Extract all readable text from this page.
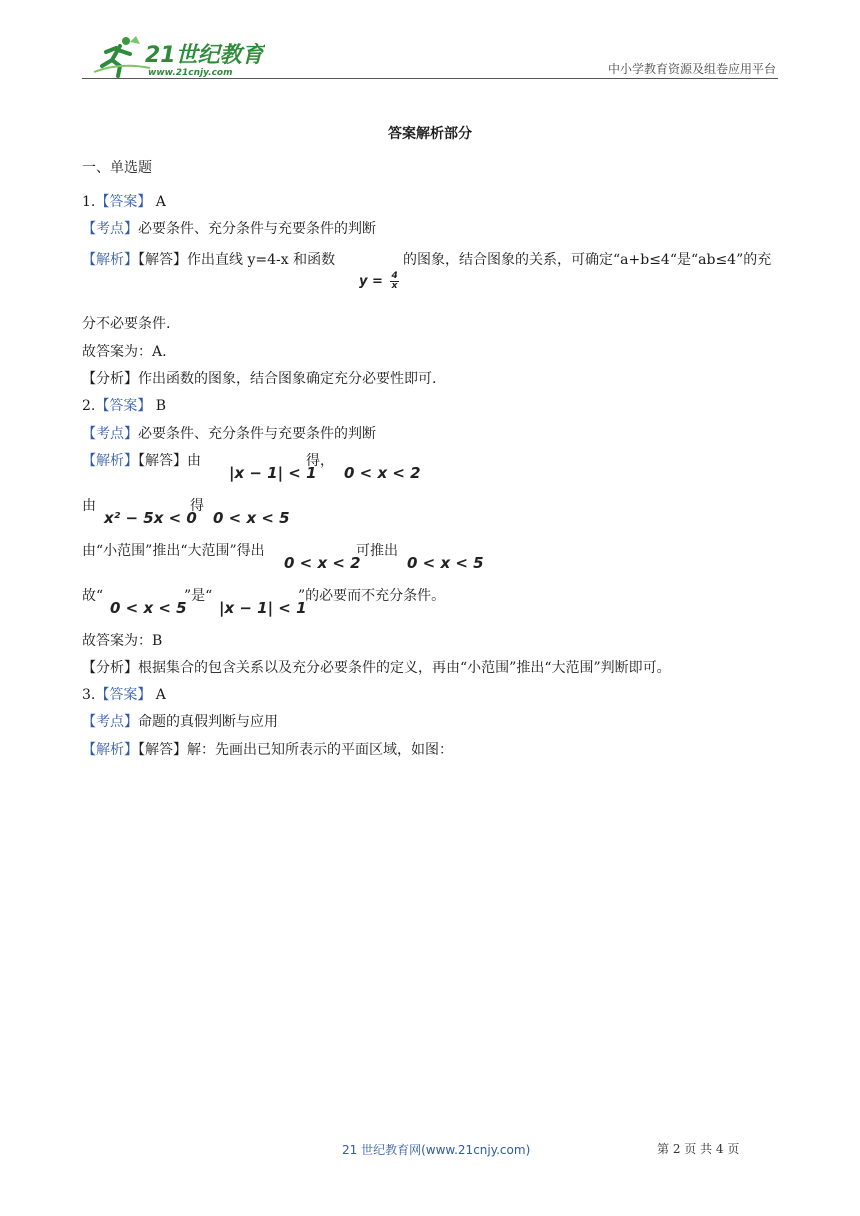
21世纪教育
www.21cnjy.com	中小学教育资源及组卷应用平台
答案解析部分
一、单选题
1.【答案】 A
【考点】必要条件、充分条件与充要条件的判断
【解析】【解答】作出直线 y=4-x 和函数
$y = \frac{4}{x}$
的图象，结合图象的关系，可确定“a+b≤4“是“ab≤4”的充
分不必要条件.
故答案为：A.
【分析】作出函数的图象，结合图象确定充分必要性即可.
2.【答案】 B
【考点】必要条件、充分条件与充要条件的判断
【解析】【解答】由
|x − 1| < 1
得，
0 < x < 2
由
x² − 5x < 0
得
0 < x < 5
由“小范围”推出“大范围”得出
0 < x < 2
可推出
0 < x < 5
故“
0 < x < 5
”是“
|x − 1| < 1
”的必要而不充分条件。
故答案为：B
【分析】根据集合的包含关系以及充分必要条件的定义，再由“小范围”推出“大范围”判断即可。
3.【答案】 A
【考点】命题的真假判断与应用
【解析】【解答】解：先画出已知所表示的平面区域，如图：
21 世纪教育网(www.21cnjy.com)	第 2 页 共 4 页
